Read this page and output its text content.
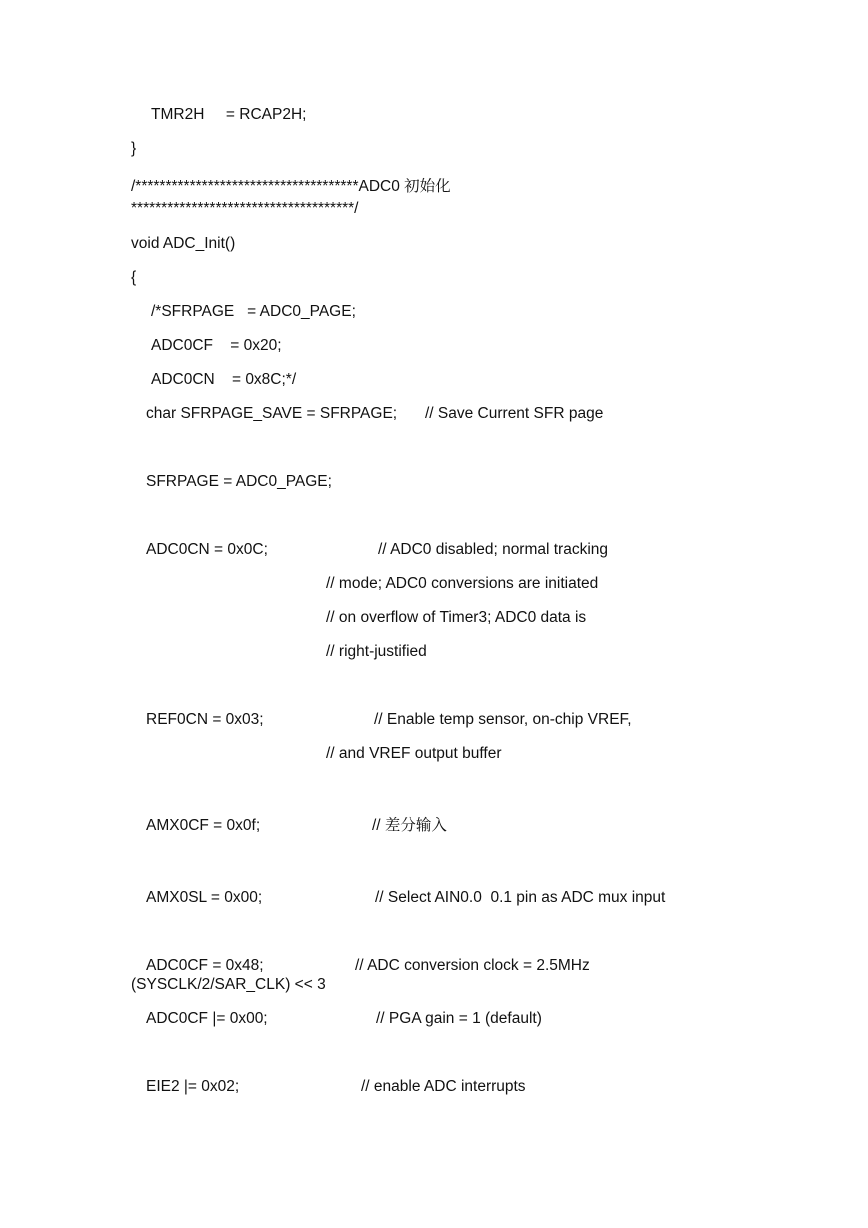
TMR2H     = RCAP2H;

}

/*************************************ADC0 初始化

*************************************/

void ADC_Init()

{

/*SFRPAGE   = ADC0_PAGE;

ADC0CF    = 0x20;

ADC0CN    = 0x8C;*/

char SFRPAGE_SAVE = SFRPAGE; // Save Current SFR page

SFRPAGE = ADC0_PAGE;

ADC0CN = 0x0C;	// ADC0 disabled; normal tracking

// mode; ADC0 conversions are initiated

// on overflow of Timer3; ADC0 data is

// right-justified

REF0CN = 0x03;	// Enable temp sensor, on-chip VREF,

// and VREF output buffer

AMX0CF = 0x0f;	// 差分输入

AMX0SL = 0x00;	// Select AIN0.0  0.1 pin as ADC mux input

ADC0CF = 0x48;	// ADC conversion clock = 2.5MHz

(SYSCLK/2/SAR_CLK) << 3

ADC0CF |= 0x00;	// PGA gain = 1 (default)

EIE2 |= 0x02;	// enable ADC interrupts
